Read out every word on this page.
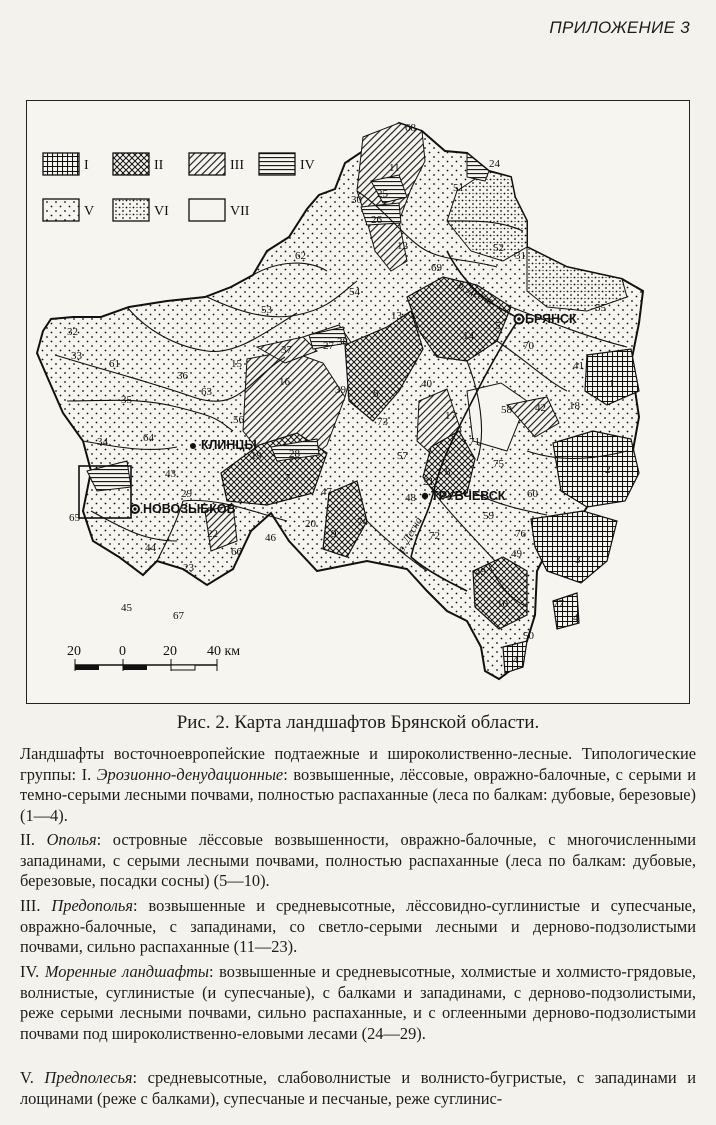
ПРИЛОЖЕНИЕ 3
БРЯНСК
КЛИНЦЫ
НОВОЗЫБКОВ
ТРУБЧЕВСК
р. Десна
р. Десна
I	II	III	IV
V	VI	VII
20	0	20 40 км
1
2
3
4
4
5
6
7	8
9
10
11
12
13
14
15
16
17
18
19
20
21
22
23
24
25
26
27
28
29
30
31
32
33
34
35
36
37
38
39	40
41
42
43
44
45
46
47	48
49
49
50
51
52
53
54
55
56
57
58
59
60
61
62
63
64
65
66
67
68
69
70
71
72
73
74
75
76
77
Рис. 2. Карта ландшафтов Брянской области.

Ландшафты восточноевропейские подтаежные и широколиственно-лесные. Типологические группы: I. Эрозионно-денудационные: возвышенные, лёссовые, овражно-балочные, с серыми и темно-серыми лесными почвами, полностью распаханные (леса по балкам: дубовые, березовые) (1—4).

II. Ополья: островные лёссовые возвышенности, овражно-балочные, с многочисленными западинами, с серыми лесными почвами, полностью распаханные (леса по балкам: дубовые, березовые, посадки сосны) (5—10).

III. Предополья: возвышенные и средневысотные, лёссовидно-суглинистые и супесчаные, овражно-балочные, с западинами, со светло-серыми лесными и дерново-подзолистыми почвами, сильно распаханные (11—23).

IV. Моренные ландшафты: возвышенные и средневысотные, холмистые и холмисто-грядовые, волнистые, суглинистые (и супесчаные), с балками и западинами, с дерново-подзолистыми, реже серыми лесными почвами, сильно распаханные, и с оглеенными дерново-подзолистыми почвами под широколиственно-еловыми лесами (24—29).

V. Предполесья: средневысотные, слабоволнистые и волнисто-бугристые, с западинами и лощинами (реже с балками), супесчаные и песчаные, реже суглинис-
